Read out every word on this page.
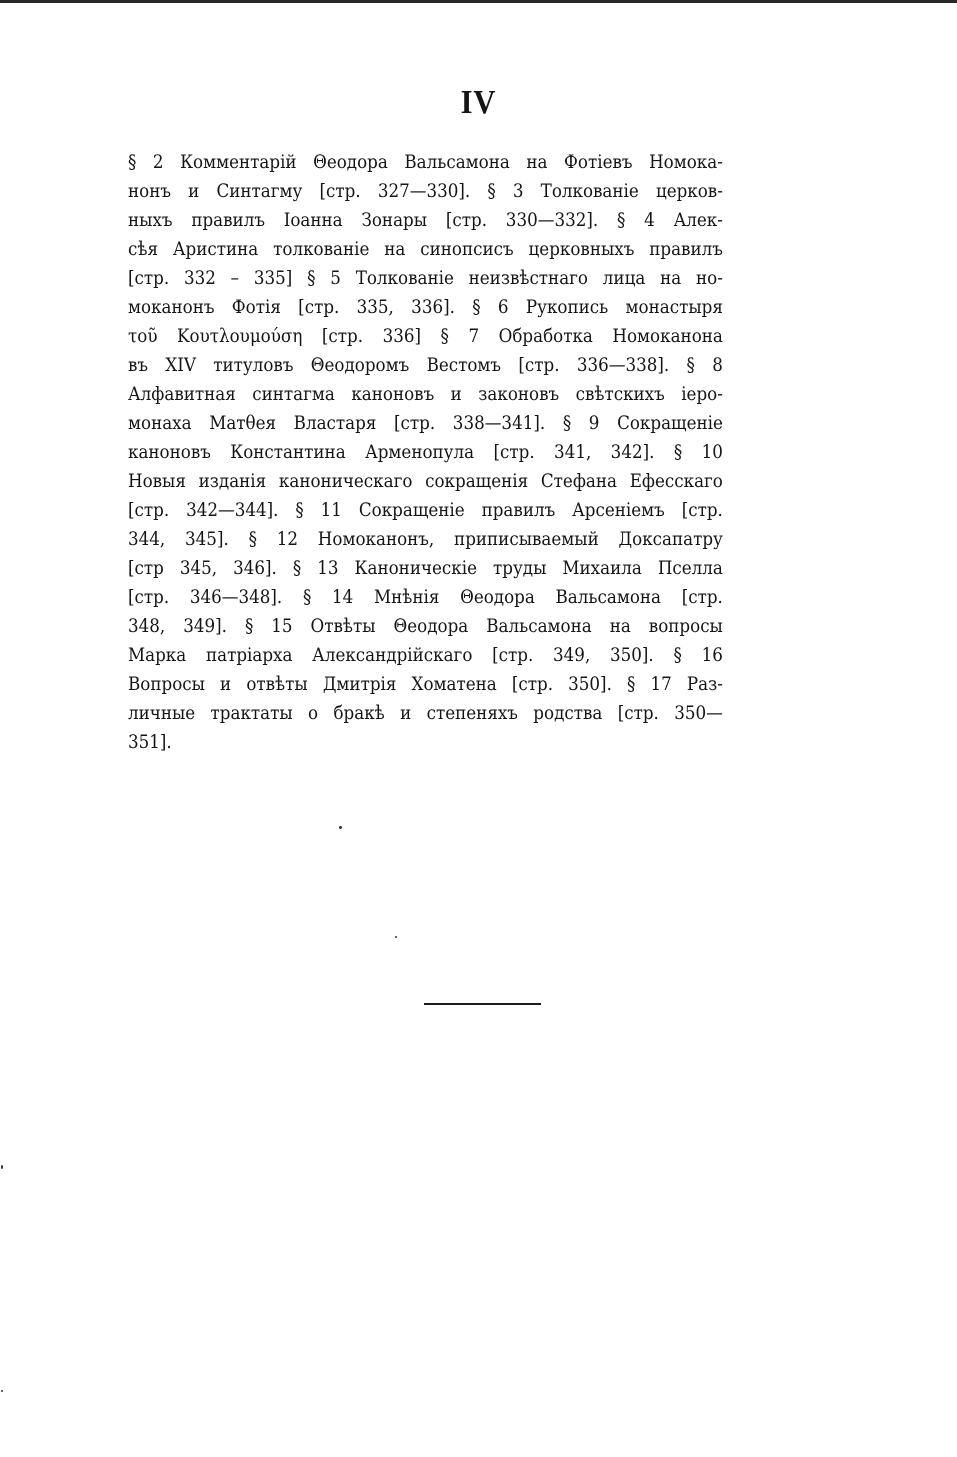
IV
§ 2 Комментарій Θеодора Вальсамона на Фотіевъ Номока-
нонъ и Синтагму [стр. 327—330]. § 3 Толкованіе церков-
ныхъ правилъ Іоанна Зонары [стр. 330—332]. § 4 Алек-
сѣя Аристина толкованіе на синопсисъ церковныхъ правилъ
[стр. 332 – 335] § 5 Толкованіе неизвѣстнаго лица на но-
моканонъ Фотія [стр. 335, 336]. § 6 Рукопись монастыря
τοῦ Κουτλουμούση [стр. 336] § 7 Обработка Номоканона
въ XIV титуловъ Θеодоромъ Вестомъ [стр. 336—338]. § 8
Алфавитная синтагма каноновъ и законовъ свѣтскихъ іеро-
монаха Матθея Властаря [стр. 338—341]. § 9 Сокращеніе
каноновъ Константина Арменопула [стр. 341, 342]. § 10
Новыя изданія каноническаго сокращенія Стефана Ефесскаго
[стр. 342—344]. § 11 Сокращеніе правилъ Арсеніемъ [стр.
344, 345]. § 12 Номоканонъ, приписываемый Доксапатру
[стр 345, 346]. § 13 Каноническіе труды Михаила Пселла
[стр. 346—348]. § 14 Мнѣнія Θеодора Вальсамона [стр.
348, 349]. § 15 Отвѣты Θеодора Вальсамона на вопросы
Марка патріарха Александрійскаго [стр. 349, 350]. § 16
Вопросы и отвѣты Дмитрія Хоматена [стр. 350]. § 17 Раз-
личные трактаты о бракѣ и степеняхъ родства [стр. 350—
351].
